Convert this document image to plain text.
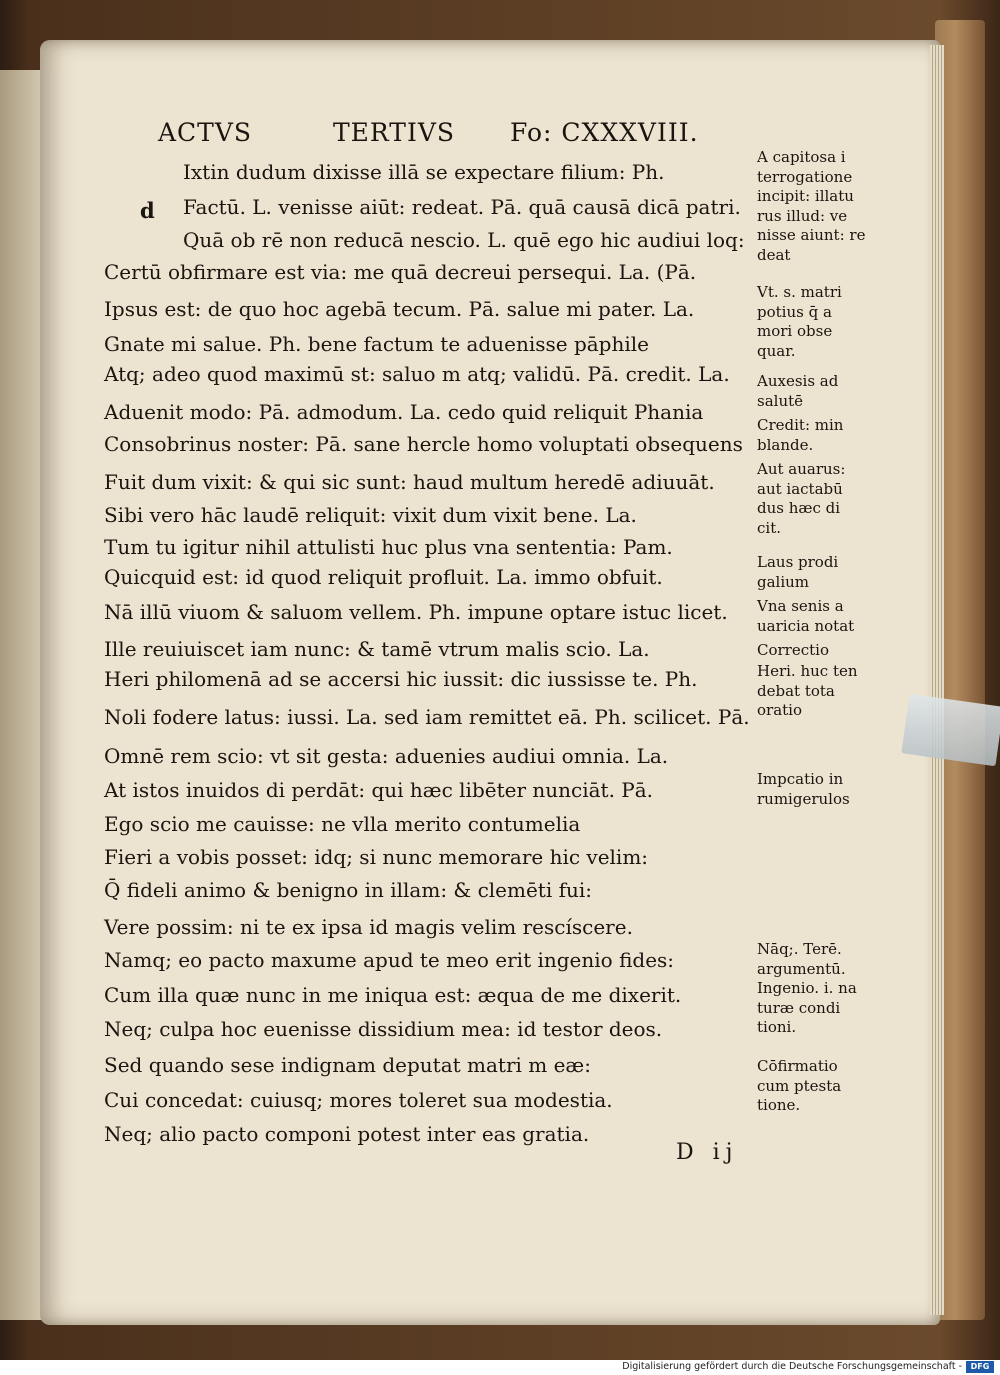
ACTVS	TERTIVS Fo: CXXXVIII.
d
Ixtin dudum dixisse illā se expectare filium: Ph.
Factū. L. venisse aiūt: redeat. Pā. quā causā dicā patri.
Quā ob rē non reducā nescio. L. quē ego hic audiui loq:
Certū obfirmare est via: me quā decreui persequi. La. (Pā.
Ipsus est: de quo hoc agebā tecum. Pā. salue mi pater. La.
Gnate mi salue. Ph. bene factum te aduenisse pāphile
Atq; adeo quod maximū st: saluo m atq; validū. Pā. credit. La.
Aduenit modo: Pā. admodum. La. cedo quid reliquit Phania
Consobrinus noster: Pā. sane hercle homo voluptati obsequens
Fuit dum vixit: & qui sic sunt: haud multum heredē adiuuāt.
Sibi vero hāc laudē reliquit: vixit dum vixit bene. La.
Tum tu igitur nihil attulisti huc plus vna sententia: Pam.
Quicquid est: id quod reliquit profluit. La. immo obfuit.
Nā illū viuom & saluom vellem. Ph. impune optare istuc licet.
Ille reuiuiscet iam nunc: & tamē vtrum malis scio. La.
Heri philomenā ad se accersi hic iussit: dic iussisse te. Ph.
Noli fodere latus: iussi. La. sed iam remittet eā. Ph. scilicet. Pā.
Omnē rem scio: vt sit gesta: aduenies audiui omnia. La.
At istos inuidos di perdāt: qui hæc libēter nunciāt. Pā.
Ego scio me cauisse: ne vlla merito contumelia
Fieri a vobis posset: idq; si nunc memorare hic velim:
Q̄ fideli animo & benigno in illam: & clemēti fui:
Vere possim: ni te ex ipsa id magis velim rescíscere.
Namq; eo pacto maxume apud te meo erit ingenio fides:
Cum illa quæ nunc in me iniqua est: æqua de me dixerit.
Neq; culpa hoc euenisse dissidium mea: id testor deos.
Sed quando sese indignam deputat matri m eæ:
Cui concedat: cuiusq; mores toleret sua modestia.
Neq; alio pacto componi potest inter eas gratia.
A capitosa i
terrogatione
incipit: illatu
rus illud: ve
nisse aiunt: re
deat
Vt. s. matri
potius q̄ a
mori obse
quar.
Auxesis ad
salutē
Credit: min
blande.
Aut auarus:
aut iactabū
dus hæc di
cit.
Laus prodi
galium
Vna senis a
uaricia notat
Correctio
Heri. huc ten
debat tota
oratio
Impcatio in
rumigerulos
Nāq;. Terē.
argumentū.
Ingenio. i. na
turæ condi
tioni.
Cōfirmatio
cum ptesta
tione.
D ij
Digitalisierung gefördert durch die Deutsche Forschungsgemeinschaft -	DFG
